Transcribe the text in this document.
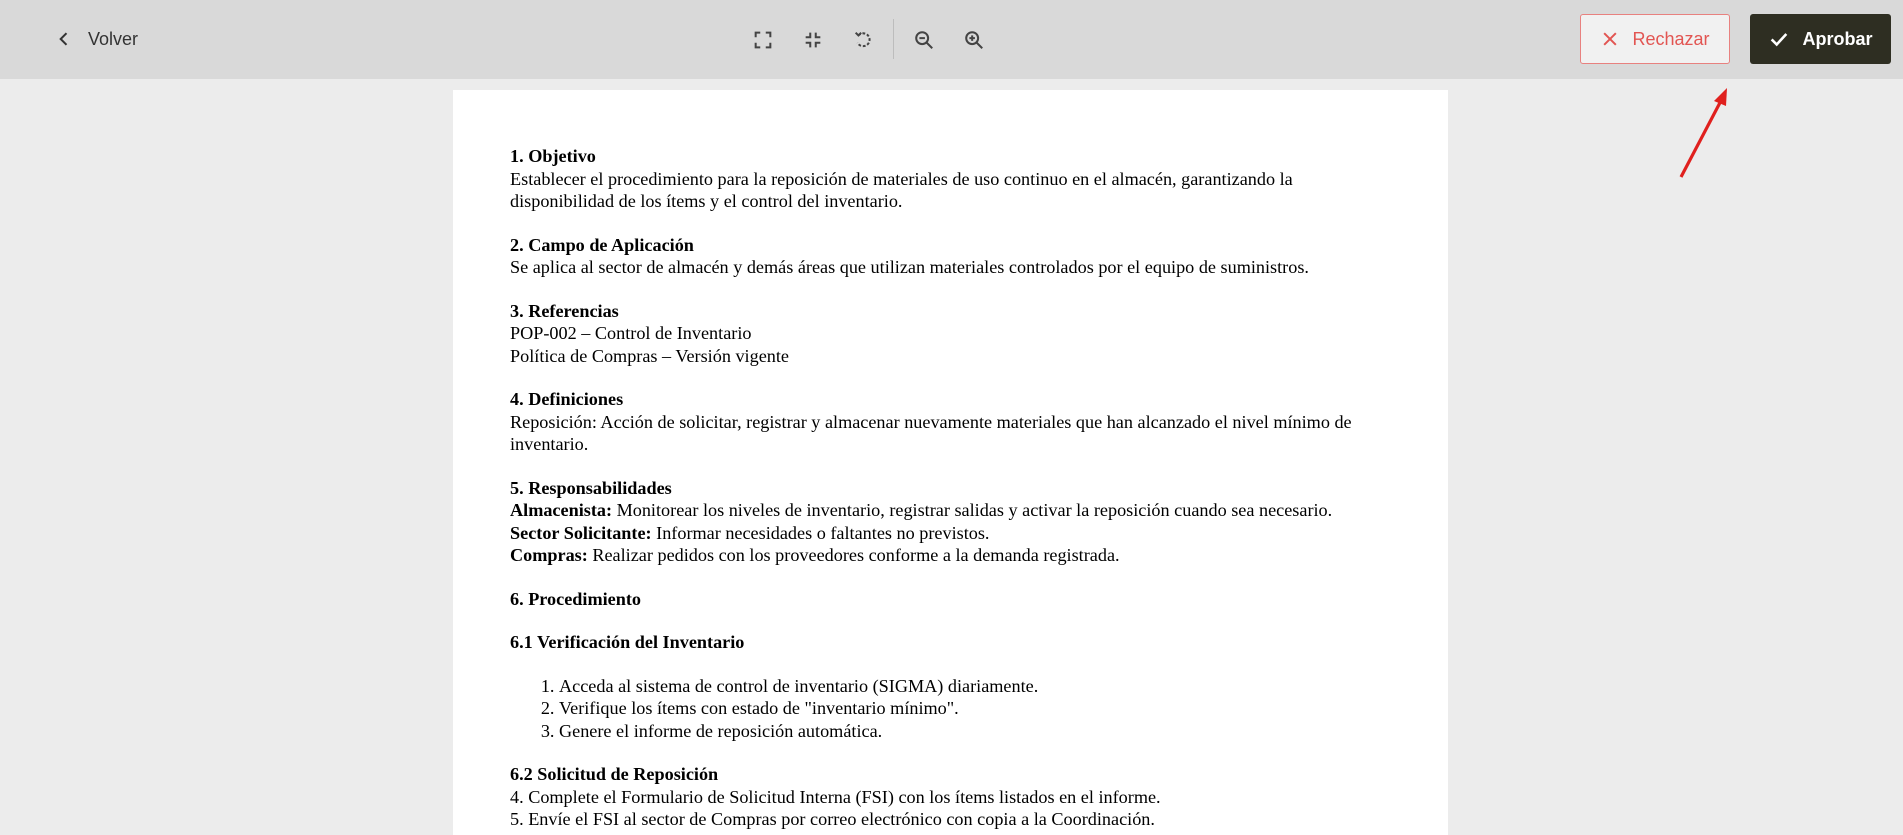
Volver	Rechazar	Aprobar
1. Objetivo

Establecer el procedimiento para la reposición de materiales de uso continuo en el almacén, garantizando la disponibilidad de los ítems y el control del inventario.

2. Campo de Aplicación

Se aplica al sector de almacén y demás áreas que utilizan materiales controlados por el equipo de suministros.

3. Referencias

POP-002 – Control de Inventario

Política de Compras – Versión vigente

4. Definiciones

Reposición: Acción de solicitar, registrar y almacenar nuevamente materiales que han alcanzado el nivel mínimo de inventario.

5. Responsabilidades

Almacenista: Monitorear los niveles de inventario, registrar salidas y activar la reposición cuando sea necesario.

Sector Solicitante: Informar necesidades o faltantes no previstos.

Compras: Realizar pedidos con los proveedores conforme a la demanda registrada.

6. Procedimiento
6.1 Verificación del Inventario
1. Acceda al sistema de control de inventario (SIGMA) diariamente.
2. Verifique los ítems con estado de "inventario mínimo".
3. Genere el informe de reposición automática.
6.2 Solicitud de Reposición

4. Complete el Formulario de Solicitud Interna (FSI) con los ítems listados en el informe.

5. Envíe el FSI al sector de Compras por correo electrónico con copia a la Coordinación.
